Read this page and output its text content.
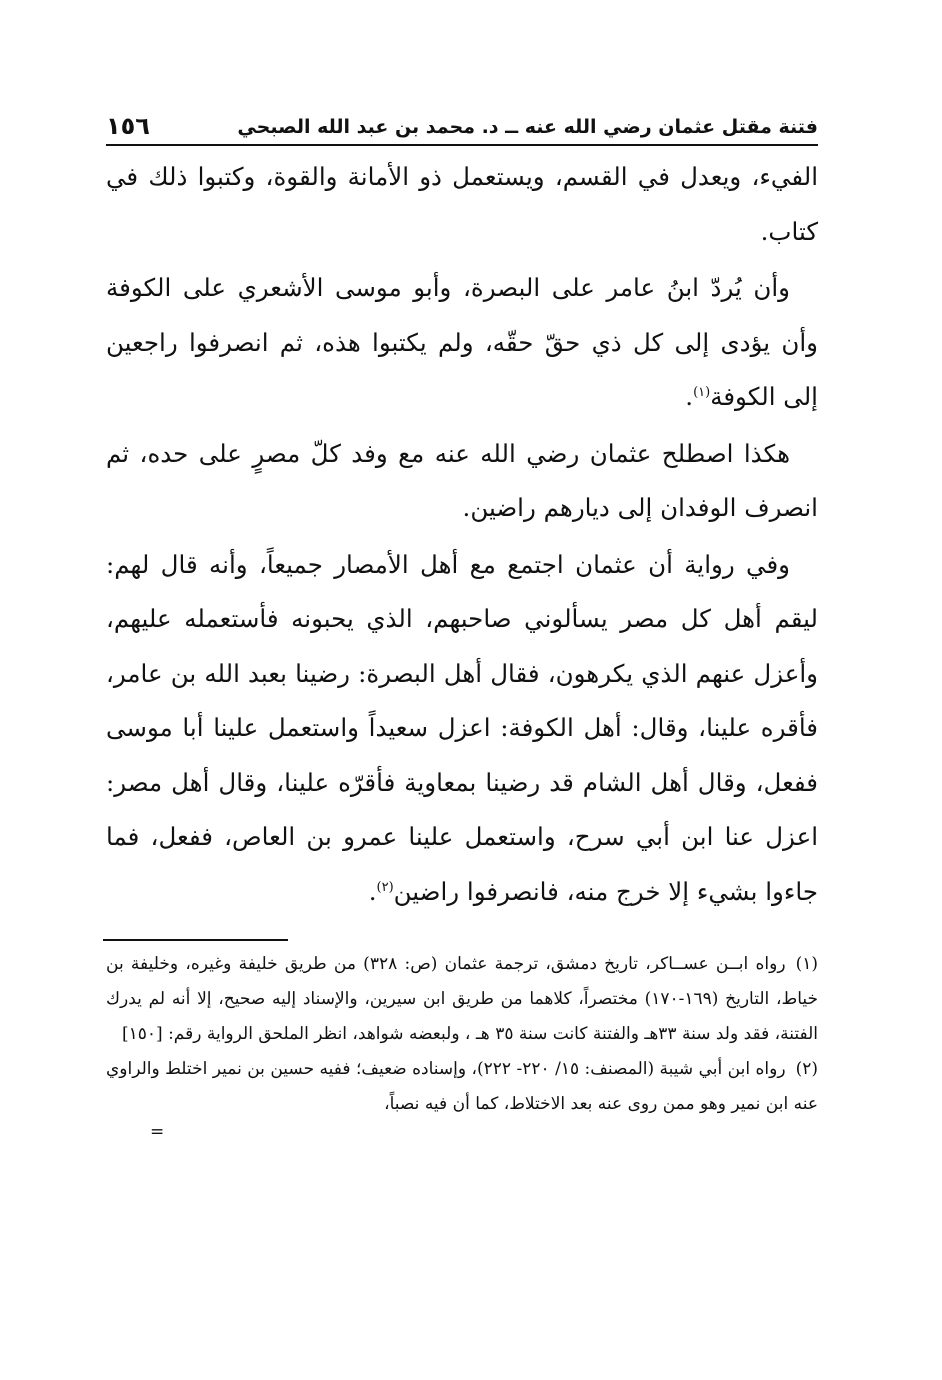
فتنة مقتل عثمان رضي الله عنه ــ د. محمد بن عبد الله الصبحي
١٥٦

الفيء، ويعدل في القسم، ويستعمل ذو الأمانة والقوة، وكتبوا ذلك في كتاب.

وأن يُردّ ابنُ عامر على البصرة، وأبو موسى الأشعري على الكوفة وأن يؤدى إلى كل ذي حقّ حقّه، ولم يكتبوا هذه، ثم انصرفوا راجعين إلى الكوفة$^{(١)}$.

هكذا اصطلح عثمان رضي الله عنه مع وفد كلّ مصرٍ على حده، ثم انصرف الوفدان إلى ديارهم راضين.

وفي رواية أن عثمان اجتمع مع أهل الأمصار جميعاً، وأنه قال لهم: ليقم أهل كل مصر يسألوني صاحبهم، الذي يحبونه فأستعمله عليهم، وأعزل عنهم الذي يكرهون، فقال أهل البصرة: رضينا بعبد الله بن عامر، فأقره علينا، وقال: أهل الكوفة: اعزل سعيداً واستعمل علينا أبا موسى ففعل، وقال أهل الشام قد رضينا بمعاوية فأقرّه علينا، وقال أهل مصر: اعزل عنا ابن أبي سرح، واستعمل علينا عمرو بن العاص، ففعل، فما جاءوا بشيء إلا خرج منه، فانصرفوا راضين$^{(٢)}$.

(١)رواه ابــن عســاكر، تاريخ دمشق، ترجمة عثمان (ص: ٣٢٨) من طريق خليفة وغيره، وخليفة بن خياط، التاريخ (١٦٩-١٧٠) مختصراً، كلاهما من طريق ابن سيرين، والإسناد إليه صحيح، إلا أنه لم يدرك الفتنة، فقد ولد سنة ٣٣هـ والفتنة كانت سنة ٣٥ هـ ، ولبعضه شواهد، انظر الملحق الرواية رقم: [١٥٠]

(٢)رواه ابن أبي شيبة (المصنف: ١٥/ ٢٢٠- ٢٢٢)، وإسناده ضعيف؛ ففيه حسين بن نمير اختلط والراوي عنه ابن نمير وهو ممن روى عنه بعد الاختلاط، كما أن فيه نصباً،

=
